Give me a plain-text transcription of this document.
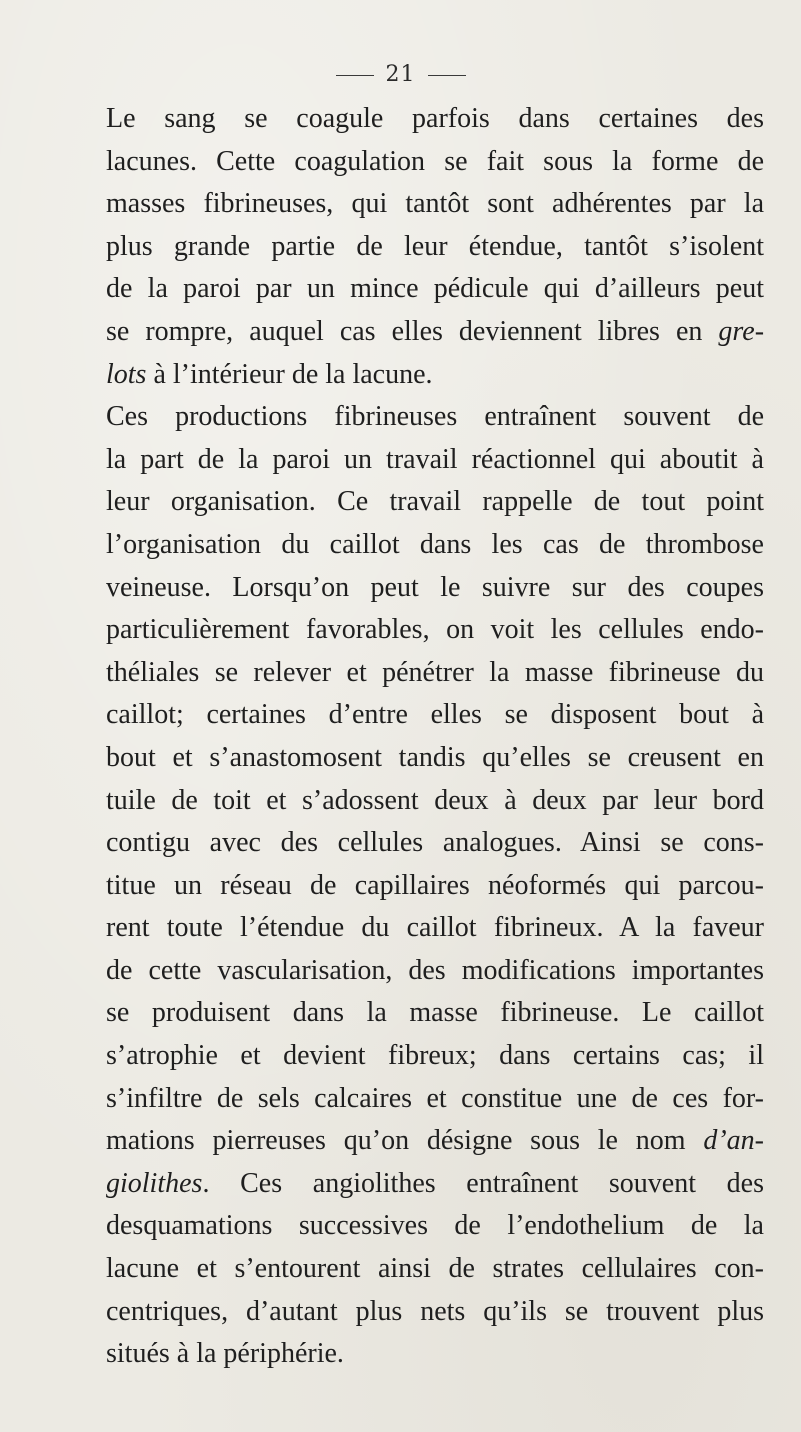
21

Le sang se coagule parfois dans certaines des
lacunes. Cette coagulation se fait sous la forme de
masses fibrineuses, qui tantôt sont adhérentes par la
plus grande partie de leur étendue, tantôt s’isolent
de la paroi par un mince pédicule qui d’ailleurs peut
se rompre, auquel cas elles deviennent libres en gre-
lots à l’intérieur de la lacune.

Ces productions fibrineuses entraînent souvent de
la part de la paroi un travail réactionnel qui aboutit à
leur organisation. Ce travail rappelle de tout point
l’organisation du caillot dans les cas de thrombose
veineuse. Lorsqu’on peut le suivre sur des coupes
particulièrement favorables, on voit les cellules endo-
théliales se relever et pénétrer la masse fibrineuse du
caillot; certaines d’entre elles se disposent bout à
bout et s’anastomosent tandis qu’elles se creusent en
tuile de toit et s’adossent deux à deux par leur bord
contigu avec des cellules analogues. Ainsi se cons-
titue un réseau de capillaires néoformés qui parcou-
rent toute l’étendue du caillot fibrineux. A la faveur
de cette vascularisation, des modifications importantes
se produisent dans la masse fibrineuse. Le caillot
s’atrophie et devient fibreux; dans certains cas; il
s’infiltre de sels calcaires et constitue une de ces for-
mations pierreuses qu’on désigne sous le nom d’an-
giolithes. Ces angiolithes entraînent souvent des
desquamations successives de l’endothelium de la
lacune et s’entourent ainsi de strates cellulaires con-
centriques, d’autant plus nets qu’ils se trouvent plus
situés à la périphérie.
